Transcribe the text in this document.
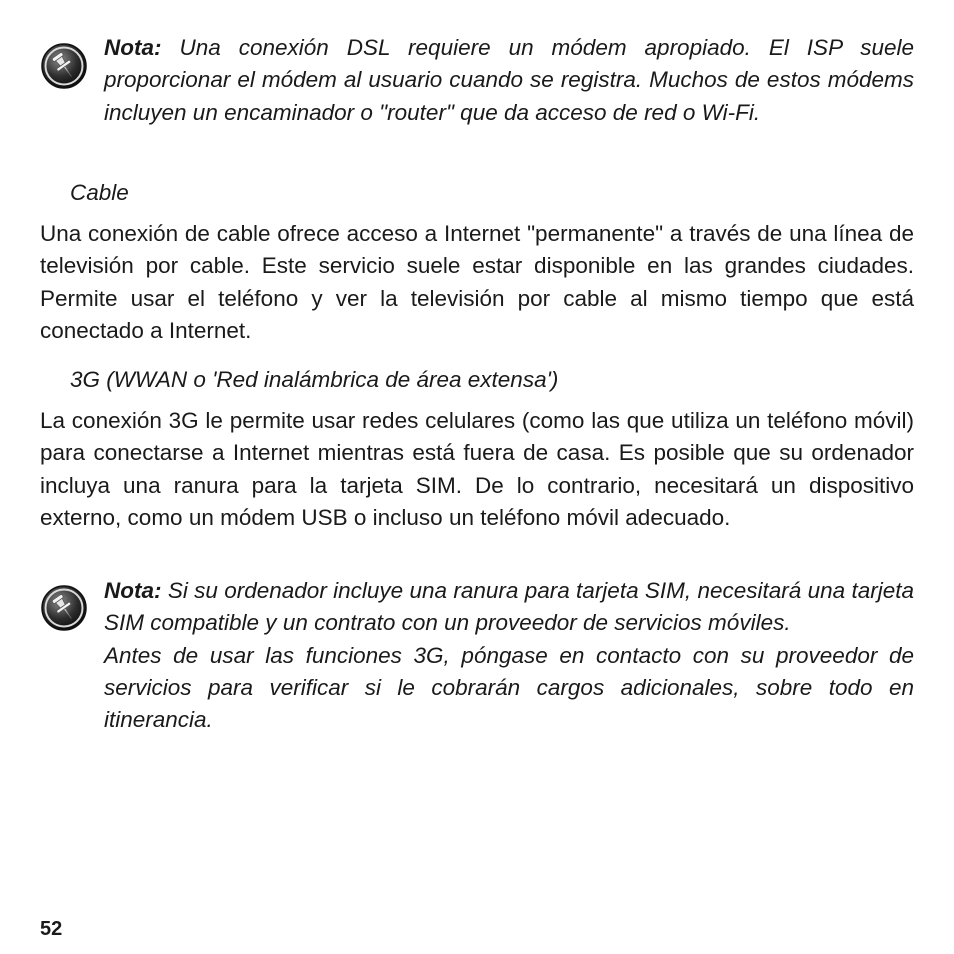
Nota: Una conexión DSL requiere un módem apropiado. El ISP suele proporcionar el módem al usuario cuando se registra. Muchos de estos módems incluyen un encaminador o "router" que da acceso de red o Wi-Fi.

Cable

Una conexión de cable ofrece acceso a Internet "permanente" a través de una línea de televisión por cable. Este servicio suele estar disponible en las grandes ciudades. Permite usar el teléfono y ver la televisión por cable al mismo tiempo que está conectado a Internet.

3G (WWAN o 'Red inalámbrica de área extensa')

La conexión 3G le permite usar redes celulares (como las que utiliza un teléfono móvil) para conectarse a Internet mientras está fuera de casa. Es posible que su ordenador incluya una ranura para la tarjeta SIM. De lo contrario, necesitará un dispositivo externo, como un módem USB o incluso un teléfono móvil adecuado.

Nota: Si su ordenador incluye una ranura para tarjeta SIM, necesitará una tarjeta SIM compatible y un contrato con un proveedor de servicios móviles.

Antes de usar las funciones 3G, póngase en contacto con su proveedor de servicios para verificar si le cobrarán cargos adicionales, sobre todo en itinerancia.

52
